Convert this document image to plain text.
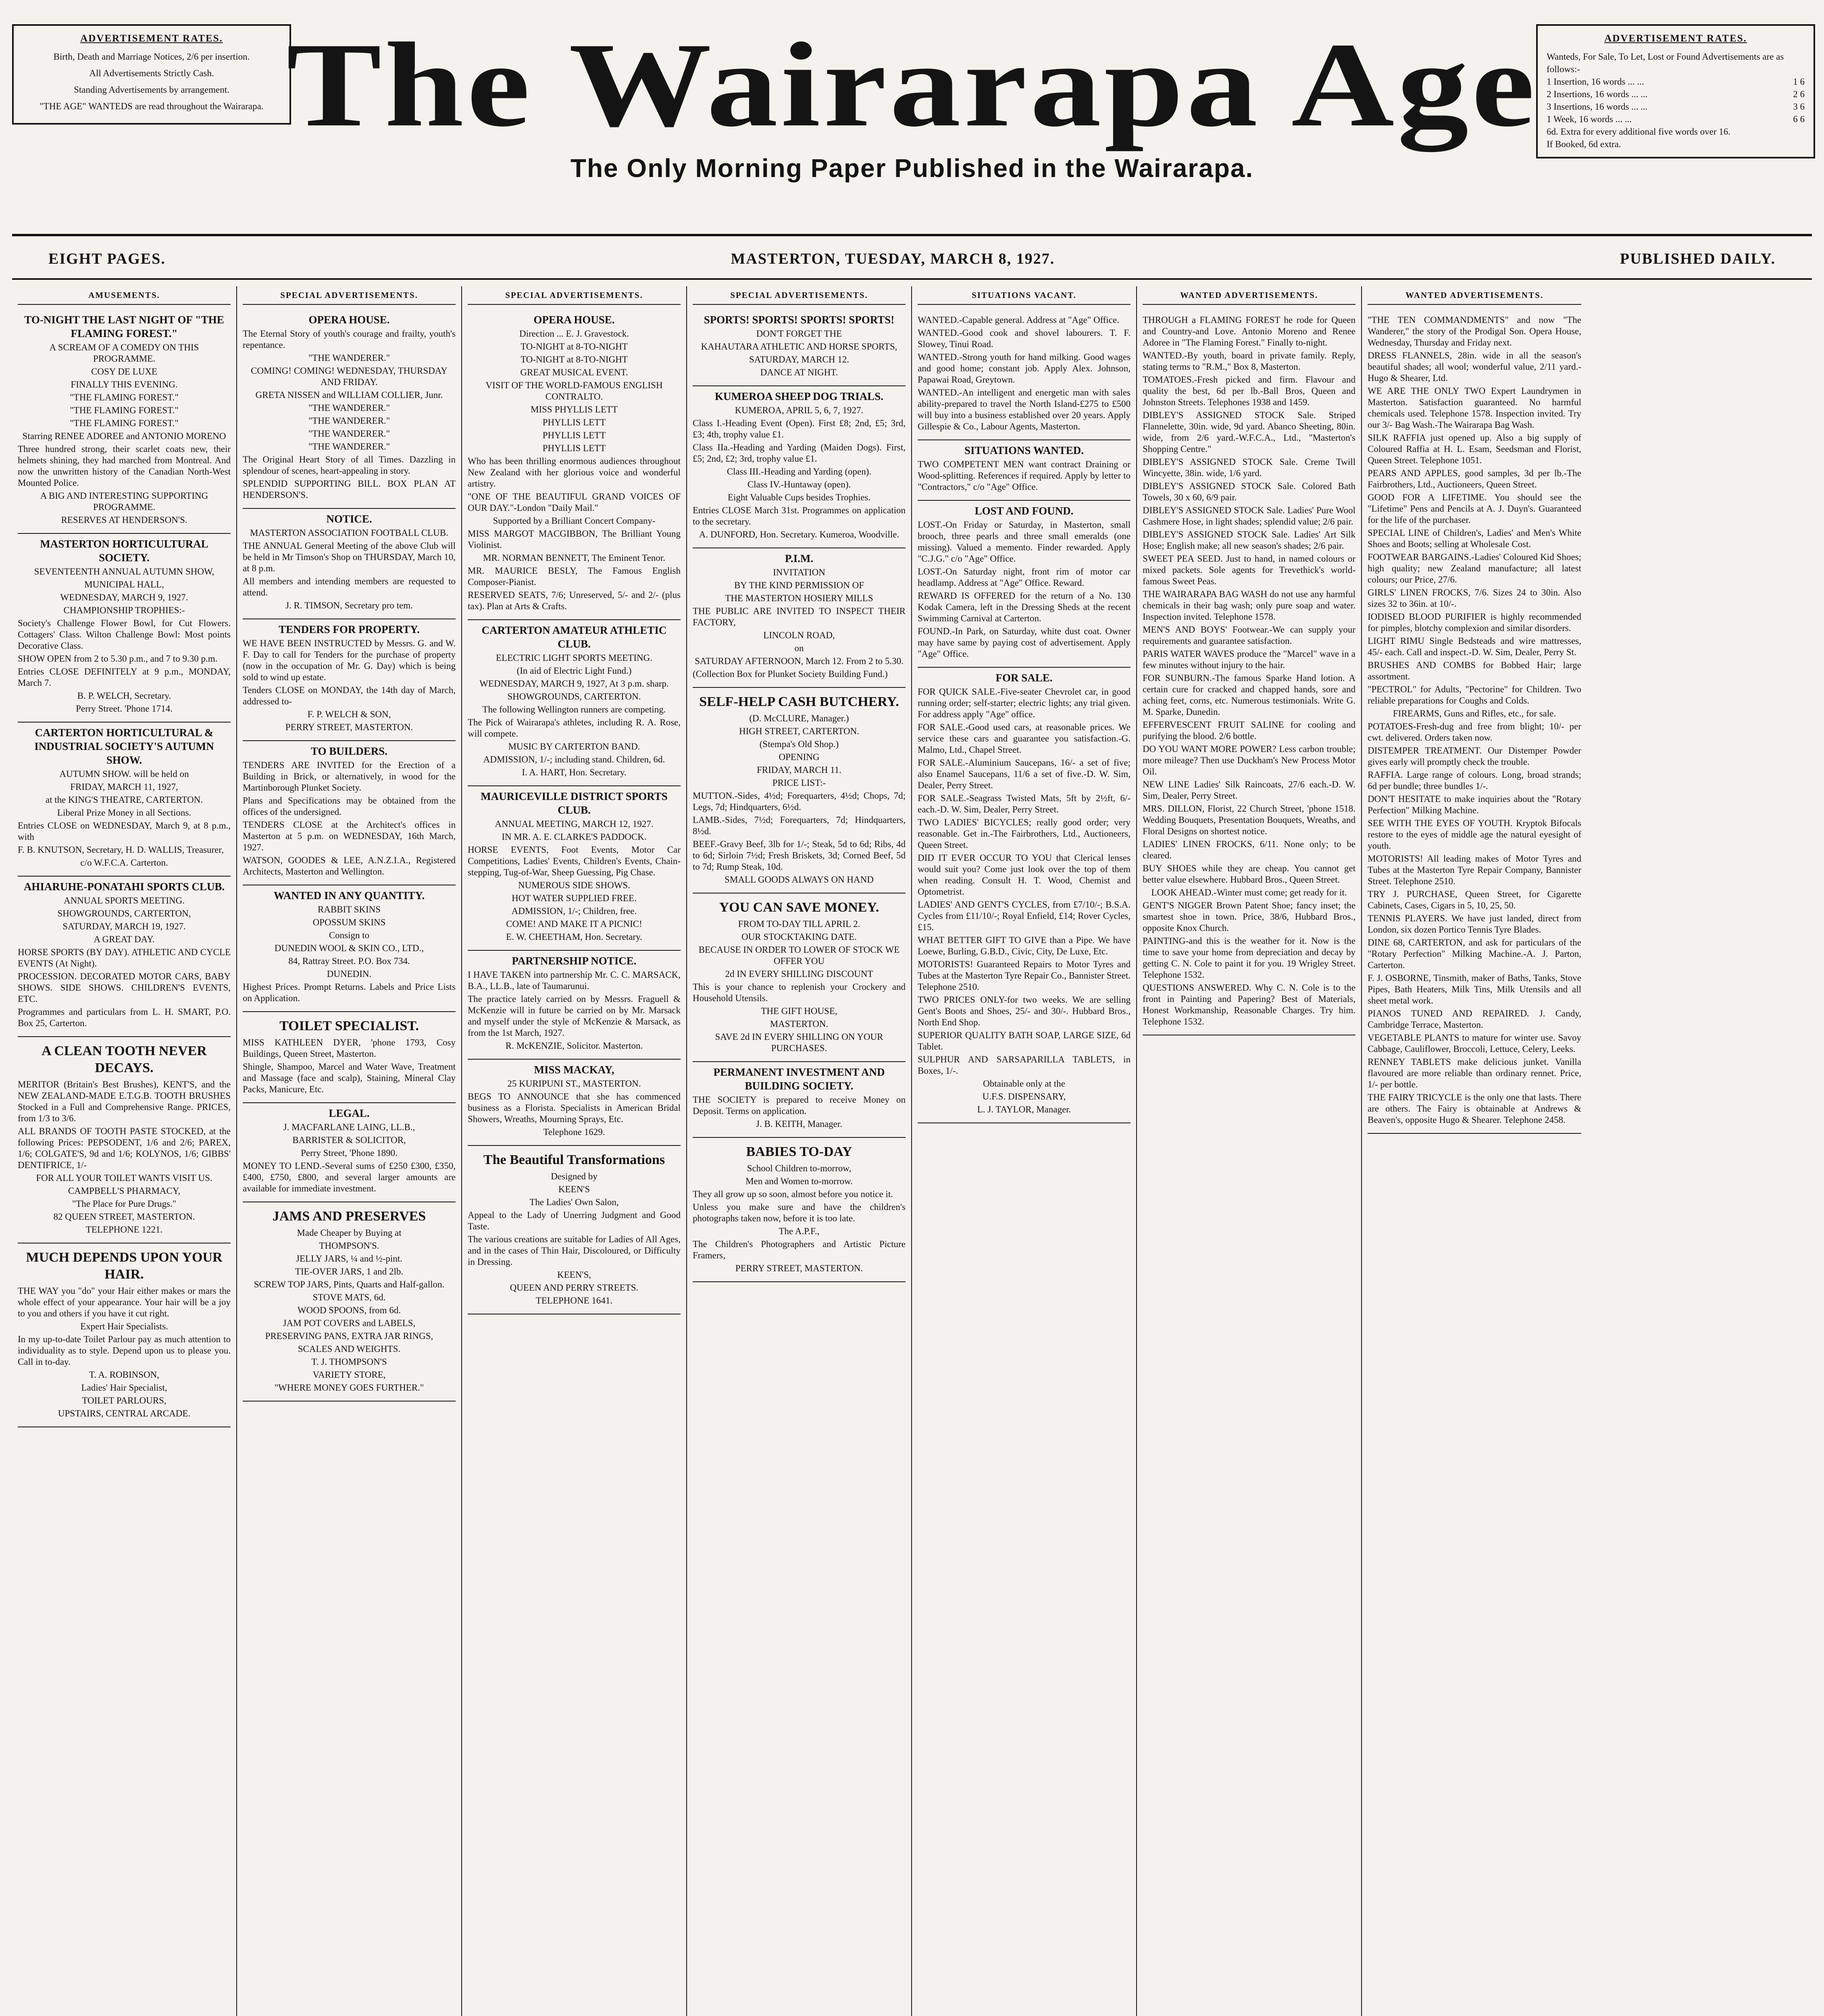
ADVERTISEMENT RATES.

Birth, Death and Marriage Notices, 2/6 per insertion.

All Advertisements Strictly Cash.

Standing Advertisements by arrangement.

"THE AGE" WANTEDS are read throughout the Wairarapa. The Wairarapa Age
The Only Morning Paper Published in the Wairarapa.
ADVERTISEMENT RATES.
Wanteds, For Sale, To Let, Lost or Found Advertisements are as follows:-
1 Insertion, 16 words ... ...	1 6
2 Insertions, 16 words ... ...	2 6
3 Insertions, 16 words ... ...	3 6
1 Week, 16 words ... ...	6 6
6d. Extra for every additional five words over 16.
If Booked, 6d extra.
EIGHT PAGES.	MASTERTON, TUESDAY, MARCH 8, 1927.	PUBLISHED DAILY.
AMUSEMENTS.
TO-NIGHT THE LAST NIGHT OF "THE FLAMING FOREST."

A SCREAM OF A COMEDY ON THIS PROGRAMME.

COSY DE LUXE

FINALLY THIS EVENING.

"THE FLAMING FOREST."

"THE FLAMING FOREST."

"THE FLAMING FOREST."

Starring RENEE ADOREE and ANTONIO MORENO

Three hundred strong, their scarlet coats new, their helmets shining, they had marched from Montreal. And now the unwritten history of the Canadian North-West Mounted Police.

A BIG AND INTERESTING SUPPORTING PROGRAMME.

RESERVES AT HENDERSON'S.

MASTERTON HORTICULTURAL SOCIETY.

SEVENTEENTH ANNUAL AUTUMN SHOW,

MUNICIPAL HALL,

WEDNESDAY, MARCH 9, 1927.

CHAMPIONSHIP TROPHIES:-

Society's Challenge Flower Bowl, for Cut Flowers. Cottagers' Class. Wilton Challenge Bowl: Most points Decorative Class.

SHOW OPEN from 2 to 5.30 p.m., and 7 to 9.30 p.m.

Entries CLOSE DEFINITELY at 9 p.m., MONDAY, March 7.

B. P. WELCH, Secretary.

Perry Street. 'Phone 1714.

CARTERTON HORTICULTURAL & INDUSTRIAL SOCIETY'S AUTUMN SHOW.

AUTUMN SHOW. will be held on

FRIDAY, MARCH 11, 1927,

at the KING'S THEATRE, CARTERTON.

Liberal Prize Money in all Sections.

Entries CLOSE on WEDNESDAY, March 9, at 8 p.m., with

F. B. KNUTSON, Secretary, H. D. WALLIS, Treasurer,

c/o W.F.C.A. Carterton.

AHIARUHE-PONATAHI SPORTS CLUB.

ANNUAL SPORTS MEETING.

SHOWGROUNDS, CARTERTON,

SATURDAY, MARCH 19, 1927.

A GREAT DAY.

HORSE SPORTS (BY DAY). ATHLETIC AND CYCLE EVENTS (At Night).

PROCESSION. DECORATED MOTOR CARS, BABY SHOWS. SIDE SHOWS. CHILDREN'S EVENTS, ETC.

Programmes and particulars from L. H. SMART, P.O. Box 25, Carterton.

A CLEAN TOOTH NEVER DECAYS.

MERITOR (Britain's Best Brushes), KENT'S, and the NEW ZEALAND-MADE E.T.G.B. TOOTH BRUSHES Stocked in a Full and Comprehensive Range. PRICES, from 1/3 to 3/6.

ALL BRANDS OF TOOTH PASTE STOCKED, at the following Prices: PEPSODENT, 1/6 and 2/6; PAREX, 1/6; COLGATE'S, 9d and 1/6; KOLYNOS, 1/6; GIBBS' DENTIFRICE, 1/-

FOR ALL YOUR TOILET WANTS VISIT US.

CAMPBELL'S PHARMACY,

"The Place for Pure Drugs."

82 QUEEN STREET, MASTERTON.

TELEPHONE 1221.

MUCH DEPENDS UPON YOUR HAIR.

THE WAY you "do" your Hair either makes or mars the whole effect of your appearance. Your hair will be a joy to you and others if you have it cut right.

Expert Hair Specialists.

In my up-to-date Toilet Parlour pay as much attention to individuality as to style. Depend upon us to please you. Call in to-day.

T. A. ROBINSON,

Ladies' Hair Specialist,

TOILET PARLOURS,

UPSTAIRS, CENTRAL ARCADE.

SPECIAL ADVERTISEMENTS.
OPERA HOUSE.

The Eternal Story of youth's courage and frailty, youth's repentance.

"THE WANDERER."

COMING! COMING! WEDNESDAY, THURSDAY AND FRIDAY.

GRETA NISSEN and WILLIAM COLLIER, Junr.

"THE WANDERER."

"THE WANDERER."

"THE WANDERER."

"THE WANDERER."

The Original Heart Story of all Times. Dazzling in splendour of scenes, heart-appealing in story.

SPLENDID SUPPORTING BILL. BOX PLAN AT HENDERSON'S.

NOTICE.

MASTERTON ASSOCIATION FOOTBALL CLUB.

THE ANNUAL General Meeting of the above Club will be held in Mr Timson's Shop on THURSDAY, March 10, at 8 p.m.

All members and intending members are requested to attend.

J. R. TIMSON, Secretary pro tem.

TENDERS FOR PROPERTY.

WE HAVE BEEN INSTRUCTED by Messrs. G. and W. F. Day to call for Tenders for the purchase of property (now in the occupation of Mr. G. Day) which is being sold to wind up estate.

Tenders CLOSE on MONDAY, the 14th day of March, addressed to-

F. P. WELCH & SON,

PERRY STREET, MASTERTON.

TO BUILDERS.

TENDERS ARE INVITED for the Erection of a Building in Brick, or alternatively, in wood for the Martinborough Plunket Society.

Plans and Specifications may be obtained from the offices of the undersigned.

TENDERS CLOSE at the Architect's offices in Masterton at 5 p.m. on WEDNESDAY, 16th March, 1927.

WATSON, GOODES & LEE, A.N.Z.I.A., Registered Architects, Masterton and Wellington.

WANTED IN ANY QUANTITY.

RABBIT SKINS

OPOSSUM SKINS

Consign to

DUNEDIN WOOL & SKIN CO., LTD.,

84, Rattray Street. P.O. Box 734.

DUNEDIN.

Highest Prices. Prompt Returns. Labels and Price Lists on Application.

TOILET SPECIALIST.

MISS KATHLEEN DYER, 'phone 1793, Cosy Buildings, Queen Street, Masterton.

Shingle, Shampoo, Marcel and Water Wave, Treatment and Massage (face and scalp), Staining, Mineral Clay Packs, Manicure, Etc.

LEGAL.

J. MACFARLANE LAING, LL.B.,

BARRISTER & SOLICITOR,

Perry Street, 'Phone 1890.

MONEY TO LEND.-Several sums of £250 £300, £350, £400, £750, £800, and several larger amounts are available for immediate investment.

JAMS AND PRESERVES

Made Cheaper by Buying at

THOMPSON'S.

JELLY JARS, ¼ and ½-pint.

TIE-OVER JARS, 1 and 2lb.

SCREW TOP JARS, Pints, Quarts and Half-gallon.

STOVE MATS, 6d.

WOOD SPOONS, from 6d.

JAM POT COVERS and LABELS,

PRESERVING PANS, EXTRA JAR RINGS,

SCALES AND WEIGHTS.

T. J. THOMPSON'S

VARIETY STORE,

"WHERE MONEY GOES FURTHER."

SPECIAL ADVERTISEMENTS.
OPERA HOUSE.

Direction ... E. J. Gravestock.

TO-NIGHT at 8-TO-NIGHT

TO-NIGHT at 8-TO-NIGHT

GREAT MUSICAL EVENT.

VISIT OF THE WORLD-FAMOUS ENGLISH CONTRALTO.

MISS PHYLLIS LETT

PHYLLIS LETT

PHYLLIS LETT

PHYLLIS LETT

Who has been thrilling enormous audiences throughout New Zealand with her glorious voice and wonderful artistry.

"ONE OF THE BEAUTIFUL GRAND VOICES OF OUR DAY."-London "Daily Mail."

Supported by a Brilliant Concert Company-

MISS MARGOT MACGIBBON, The Brilliant Young Violinist.

MR. NORMAN BENNETT, The Eminent Tenor.

MR. MAURICE BESLY, The Famous English Composer-Pianist.

RESERVED SEATS, 7/6; Unreserved, 5/- and 2/- (plus tax). Plan at Arts & Crafts.

CARTERTON AMATEUR ATHLETIC CLUB.

ELECTRIC LIGHT SPORTS MEETING.

(In aid of Electric Light Fund.)

WEDNESDAY, MARCH 9, 1927, At 3 p.m. sharp.

SHOWGROUNDS, CARTERTON.

The following Wellington runners are competing.

The Pick of Wairarapa's athletes, including R. A. Rose, will compete.

MUSIC BY CARTERTON BAND.

ADMISSION, 1/-; including stand. Children, 6d.

I. A. HART, Hon. Secretary.

MAURICEVILLE DISTRICT SPORTS CLUB.

ANNUAL MEETING, MARCH 12, 1927.

IN MR. A. E. CLARKE'S PADDOCK.

HORSE EVENTS, Foot Events, Motor Car Competitions, Ladies' Events, Children's Events, Chain-stepping, Tug-of-War, Sheep Guessing, Pig Chase.

NUMEROUS SIDE SHOWS.

HOT WATER SUPPLIED FREE.

ADMISSION, 1/-; Children, free.

COME! AND MAKE IT A PICNIC!

E. W. CHEETHAM, Hon. Secretary.

PARTNERSHIP NOTICE.

I HAVE TAKEN into partnership Mr. C. C. MARSACK, B.A., LL.B., late of Taumarunui.

The practice lately carried on by Messrs. Fraguell & McKenzie will in future be carried on by Mr. Marsack and myself under the style of McKenzie & Marsack, as from the 1st March, 1927.

R. McKENZIE, Solicitor. Masterton.

MISS MACKAY,

25 KURIPUNI ST., MASTERTON.

BEGS TO ANNOUNCE that she has commenced business as a Florista. Specialists in American Bridal Showers, Wreaths, Mourning Sprays, Etc.

Telephone 1629.

The Beautiful Transformations

Designed by

KEEN'S

The Ladies' Own Salon,

Appeal to the Lady of Unerring Judgment and Good Taste.

The various creations are suitable for Ladies of All Ages, and in the cases of Thin Hair, Discoloured, or Difficulty in Dressing.

KEEN'S,

QUEEN AND PERRY STREETS.

TELEPHONE 1641.

SPECIAL ADVERTISEMENTS.
SPORTS! SPORTS! SPORTS! SPORTS!

DON'T FORGET THE

KAHAUTARA ATHLETIC AND HORSE SPORTS,

SATURDAY, MARCH 12.

DANCE AT NIGHT.

KUMEROA SHEEP DOG TRIALS.

KUMEROA, APRIL 5, 6, 7, 1927.

Class I.-Heading Event (Open). First £8; 2nd, £5; 3rd, £3; 4th, trophy value £1.

Class IIa.-Heading and Yarding (Maiden Dogs). First, £5; 2nd, £2; 3rd, trophy value £1.

Class III.-Heading and Yarding (open).

Class IV.-Huntaway (open).

Eight Valuable Cups besides Trophies.

Entries CLOSE March 31st. Programmes on application to the secretary.

A. DUNFORD, Hon. Secretary. Kumeroa, Woodville.

P.I.M.

INVITATION

BY THE KIND PERMISSION OF

THE MASTERTON HOSIERY MILLS

THE PUBLIC ARE INVITED TO INSPECT THEIR FACTORY,

LINCOLN ROAD,

on

SATURDAY AFTERNOON, March 12. From 2 to 5.30.

(Collection Box for Plunket Society Building Fund.)

SELF-HELP CASH BUTCHERY.

(D. McCLURE, Manager.)

HIGH STREET, CARTERTON.

(Stempa's Old Shop.)

OPENING

FRIDAY, MARCH 11.

PRICE LIST:-

MUTTON.-Sides, 4½d; Forequarters, 4½d; Chops, 7d; Legs, 7d; Hindquarters, 6½d.

LAMB.-Sides, 7½d; Forequarters, 7d; Hindquarters, 8½d.

BEEF.-Gravy Beef, 3lb for 1/-; Steak, 5d to 6d; Ribs, 4d to 6d; Sirloin 7½d; Fresh Briskets, 3d; Corned Beef, 5d to 7d; Rump Steak, 10d.

SMALL GOODS ALWAYS ON HAND

YOU CAN SAVE MONEY.

FROM TO-DAY TILL APRIL 2.

OUR STOCKTAKING DATE.

BECAUSE IN ORDER TO LOWER OF STOCK WE OFFER YOU

2d IN EVERY SHILLING DISCOUNT

This is your chance to replenish your Crockery and Household Utensils.

THE GIFT HOUSE,

MASTERTON.

SAVE 2d IN EVERY SHILLING ON YOUR PURCHASES.

PERMANENT INVESTMENT AND BUILDING SOCIETY.

THE SOCIETY is prepared to receive Money on Deposit. Terms on application.

J. B. KEITH, Manager.

BABIES TO-DAY

School Children to-morrow,

Men and Women to-morrow.

They all grow up so soon, almost before you notice it.

Unless you make sure and have the children's photographs taken now, before it is too late.

The A.P.F.,

The Children's Photographers and Artistic Picture Framers,

PERRY STREET, MASTERTON.

SITUATIONS VACANT.

WANTED.-Capable general. Address at "Age" Office.

WANTED.-Good cook and shovel labourers. T. F. Slowey, Tinui Road.

WANTED.-Strong youth for hand milking. Good wages and good home; constant job. Apply Alex. Johnson, Papawai Road, Greytown.

WANTED.-An intelligent and energetic man with sales ability-prepared to travel the North Island-£275 to £500 will buy into a business established over 20 years. Apply Gillespie & Co., Labour Agents, Masterton.

SITUATIONS WANTED.

TWO COMPETENT MEN want contract Draining or Wood-splitting. References if required. Apply by letter to "Contractors," c/o "Age" Office.

LOST AND FOUND.

LOST.-On Friday or Saturday, in Masterton, small brooch, three pearls and three small emeralds (one missing). Valued a memento. Finder rewarded. Apply "C.J.G." c/o "Age" Office.

LOST.-On Saturday night, front rim of motor car headlamp. Address at "Age" Office. Reward.

REWARD IS OFFERED for the return of a No. 130 Kodak Camera, left in the Dressing Sheds at the recent Swimming Carnival at Carterton.

FOUND.-In Park, on Saturday, white dust coat. Owner may have same by paying cost of advertisement. Apply "Age" Office.

FOR SALE.

FOR QUICK SALE.-Five-seater Chevrolet car, in good running order; self-starter; electric lights; any trial given. For address apply "Age" office.

FOR SALE.-Good used cars, at reasonable prices. We service these cars and guarantee you satisfaction.-G. Malmo, Ltd., Chapel Street.

FOR SALE.-Aluminium Saucepans, 16/- a set of five; also Enamel Saucepans, 11/6 a set of five.-D. W. Sim, Dealer, Perry Street.

FOR SALE.-Seagrass Twisted Mats, 5ft by 2½ft, 6/- each.-D. W. Sim, Dealer, Perry Street.

TWO LADIES' BICYCLES; really good order; very reasonable. Get in.-The Fairbrothers, Ltd., Auctioneers, Queen Street.

DID IT EVER OCCUR TO YOU that Clerical lenses would suit you? Come just look over the top of them when reading. Consult H. T. Wood, Chemist and Optometrist.

LADIES' AND GENT'S CYCLES, from £7/10/-; B.S.A. Cycles from £11/10/-; Royal Enfield, £14; Rover Cycles, £15.

WHAT BETTER GIFT TO GIVE than a Pipe. We have Loewe, Burling, G.B.D., Civic, City, De Luxe, Etc.

MOTORISTS! Guaranteed Repairs to Motor Tyres and Tubes at the Masterton Tyre Repair Co., Bannister Street. Telephone 2510.

TWO PRICES ONLY-for two weeks. We are selling Gent's Boots and Shoes, 25/- and 30/-. Hubbard Bros., North End Shop.

SUPERIOR QUALITY BATH SOAP, LARGE SIZE, 6d Tablet.

SULPHUR AND SARSAPARILLA TABLETS, in Boxes, 1/-.

Obtainable only at the

U.F.S. DISPENSARY,

L. J. TAYLOR, Manager.

WANTED ADVERTISEMENTS.

THROUGH a FLAMING FOREST he rode for Queen and Country-and Love. Antonio Moreno and Renee Adoree in "The Flaming Forest." Finally to-night.

WANTED.-By youth, board in private family. Reply, stating terms to "R.M.," Box 8, Masterton.

TOMATOES.-Fresh picked and firm. Flavour and quality the best, 6d per lb.-Ball Bros, Queen and Johnston Streets. Telephones 1938 and 1459.

DIBLEY'S ASSIGNED STOCK Sale. Striped Flannelette, 30in. wide, 9d yard. Abanco Sheeting, 80in. wide, from 2/6 yard.-W.F.C.A., Ltd., "Masterton's Shopping Centre."

DIBLEY'S ASSIGNED STOCK Sale. Creme Twill Wincyette, 38in. wide, 1/6 yard.

DIBLEY'S ASSIGNED STOCK Sale. Colored Bath Towels, 30 x 60, 6/9 pair.

DIBLEY'S ASSIGNED STOCK Sale. Ladies' Pure Wool Cashmere Hose, in light shades; splendid value; 2/6 pair.

DIBLEY'S ASSIGNED STOCK Sale. Ladies' Art Silk Hose; English make; all new season's shades; 2/6 pair.

SWEET PEA SEED. Just to hand, in named colours or mixed packets. Sole agents for Trevethick's world-famous Sweet Peas.

THE WAIRARAPA BAG WASH do not use any harmful chemicals in their bag wash; only pure soap and water. Inspection invited. Telephone 1578.

MEN'S AND BOYS' Footwear.-We can supply your requirements and guarantee satisfaction.

PARIS WATER WAVES produce the "Marcel" wave in a few minutes without injury to the hair.

FOR SUNBURN.-The famous Sparke Hand lotion. A certain cure for cracked and chapped hands, sore and aching feet, corns, etc. Numerous testimonials. Write G. M. Sparke, Dunedin.

EFFERVESCENT FRUIT SALINE for cooling and purifying the blood. 2/6 bottle.

DO YOU WANT MORE POWER? Less carbon trouble; more mileage? Then use Duckham's New Process Motor Oil.

NEW LINE Ladies' Silk Raincoats, 27/6 each.-D. W. Sim, Dealer, Perry Street.

MRS. DILLON, Florist, 22 Church Street, 'phone 1518. Wedding Bouquets, Presentation Bouquets, Wreaths, and Floral Designs on shortest notice.

LADIES' LINEN FROCKS, 6/11. None only; to be cleared.

BUY SHOES while they are cheap. You cannot get better value elsewhere. Hubbard Bros., Queen Street.

LOOK AHEAD.-Winter must come; get ready for it.

GENT'S NIGGER Brown Patent Shoe; fancy inset; the smartest shoe in town. Price, 38/6, Hubbard Bros., opposite Knox Church.

PAINTING-and this is the weather for it. Now is the time to save your home from depreciation and decay by getting C. N. Cole to paint it for you. 19 Wrigley Street. Telephone 1532.

QUESTIONS ANSWERED. Why C. N. Cole is to the front in Painting and Papering? Best of Materials, Honest Workmanship, Reasonable Charges. Try him. Telephone 1532.

WANTED ADVERTISEMENTS.

"THE TEN COMMANDMENTS" and now "The Wanderer," the story of the Prodigal Son. Opera House, Wednesday, Thursday and Friday next.

DRESS FLANNELS, 28in. wide in all the season's beautiful shades; all wool; wonderful value, 2/11 yard.-Hugo & Shearer, Ltd.

WE ARE THE ONLY TWO Expert Laundrymen in Masterton. Satisfaction guaranteed. No harmful chemicals used. Telephone 1578. Inspection invited. Try our 3/- Bag Wash.-The Wairarapa Bag Wash.

SILK RAFFIA just opened up. Also a big supply of Coloured Raffia at H. L. Esam, Seedsman and Florist, Queen Street. Telephone 1051.

PEARS AND APPLES, good samples, 3d per lb.-The Fairbrothers, Ltd., Auctioneers, Queen Street.

GOOD FOR A LIFETIME. You should see the "Lifetime" Pens and Pencils at A. J. Duyn's. Guaranteed for the life of the purchaser.

SPECIAL LINE of Children's, Ladies' and Men's White Shoes and Boots; selling at Wholesale Cost.

FOOTWEAR BARGAINS.-Ladies' Coloured Kid Shoes; high quality; new Zealand manufacture; all latest colours; our Price, 27/6.

GIRLS' LINEN FROCKS, 7/6. Sizes 24 to 30in. Also sizes 32 to 36in. at 10/-.

IODISED BLOOD PURIFIER is highly recommended for pimples, blotchy complexion and similar disorders.

LIGHT RIMU Single Bedsteads and wire mattresses, 45/- each. Call and inspect.-D. W. Sim, Dealer, Perry St.

BRUSHES AND COMBS for Bobbed Hair; large assortment.

"PECTROL" for Adults, "Pectorine" for Children. Two reliable preparations for Coughs and Colds.

FIREARMS, Guns and Rifles, etc., for sale.

POTATOES-Fresh-dug and free from blight; 10/- per cwt. delivered. Orders taken now.

DISTEMPER TREATMENT. Our Distemper Powder gives early will promptly check the trouble.

RAFFIA. Large range of colours. Long, broad strands; 6d per bundle; three bundles 1/-.

DON'T HESITATE to make inquiries about the "Rotary Perfection" Milking Machine.

SEE WITH THE EYES OF YOUTH. Kryptok Bifocals restore to the eyes of middle age the natural eyesight of youth.

MOTORISTS! All leading makes of Motor Tyres and Tubes at the Masterton Tyre Repair Company, Bannister Street. Telephone 2510.

TRY J. PURCHASE, Queen Street, for Cigarette Cabinets, Cases, Cigars in 5, 10, 25, 50.

TENNIS PLAYERS. We have just landed, direct from London, six dozen Portico Tennis Tyre Blades.

DINE 68, CARTERTON, and ask for particulars of the "Rotary Perfection" Milking Machine.-A. J. Parton, Carterton.

F. J. OSBORNE, Tinsmith, maker of Baths, Tanks, Stove Pipes, Bath Heaters, Milk Tins, Milk Utensils and all sheet metal work.

PIANOS TUNED AND REPAIRED. J. Candy, Cambridge Terrace, Masterton.

VEGETABLE PLANTS to mature for winter use. Savoy Cabbage, Cauliflower, Broccoli, Lettuce, Celery, Leeks.

RENNEY TABLETS make delicious junket. Vanilla flavoured are more reliable than ordinary rennet. Price, 1/- per bottle.

THE FAIRY TRICYCLE is the only one that lasts. There are others. The Fairy is obtainable at Andrews & Beaven's, opposite Hugo & Shearer. Telephone 2458.
